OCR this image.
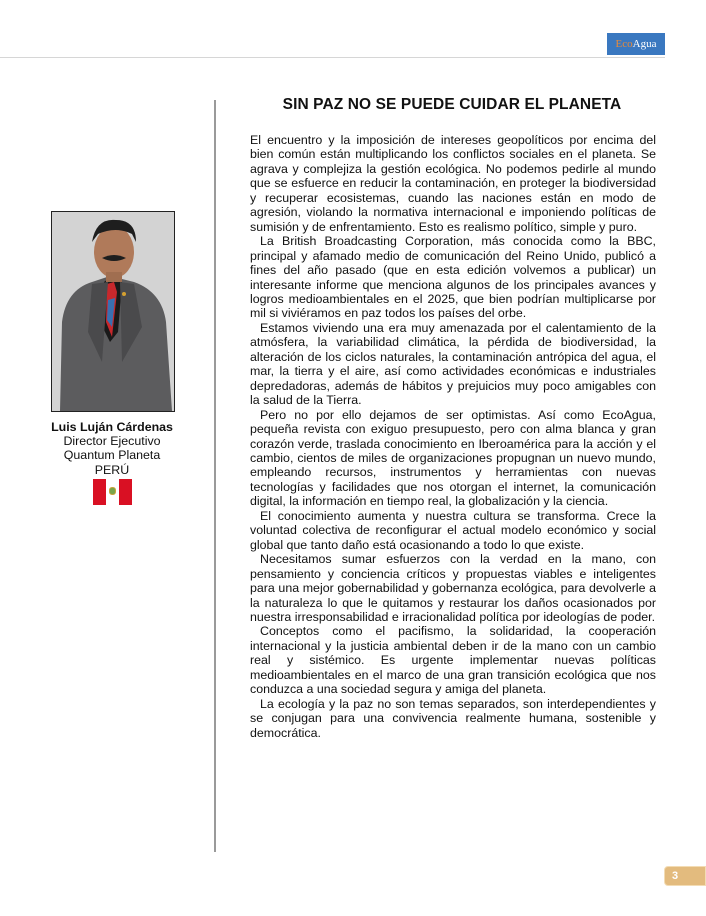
Eco Agua
Luis Luján Cárdenas
Director Ejecutivo
Quantum Planeta
PERÚ
SIN PAZ NO SE PUEDE CUIDAR EL PLANETA

El encuentro y la imposición de intereses geopolíticos por encima del bien común están multiplicando los conflictos sociales en el planeta. Se agrava y complejiza la gestión ecológica. No podemos pedirle al mundo que se esfuerce en reducir la contaminación, en proteger la biodiversidad y recuperar ecosistemas, cuando las naciones están en modo de agresión, violando la normativa internacional e imponiendo políticas de sumisión y de enfrentamiento. Esto es realismo político, simple y puro.

La British Broadcasting Corporation, más conocida como la BBC, principal y afamado medio de comunicación del Reino Unido, publicó a fines del año pasado (que en esta edición volvemos a publicar) un interesante informe que menciona algunos de los principales avances y logros medioambientales en el 2025, que bien podrían multiplicarse por mil si viviéramos en paz todos los países del orbe.

Estamos viviendo una era muy amenazada por el calentamiento de la atmósfera, la variabilidad climática, la pérdida de biodiversidad, la alteración de los ciclos naturales, la contaminación antrópica del agua, el mar, la tierra y el aire, así como actividades económicas e industriales depredadoras, además de hábitos y prejuicios muy poco amigables con la salud de la Tierra.

Pero no por ello dejamos de ser optimistas. Así como EcoAgua, pequeña revista con exiguo presupuesto, pero con alma blanca y gran corazón verde, traslada conocimiento en Iberoamérica para la acción y el cambio, cientos de miles de organizaciones propugnan un nuevo mundo, empleando recursos, instrumentos y herramientas con nuevas tecnologías y facilidades que nos otorgan el internet, la comunicación digital, la información en tiempo real, la globalización y la ciencia.

El conocimiento aumenta y nuestra cultura se transforma. Crece la voluntad colectiva de reconfigurar el actual modelo económico y social global que tanto daño está ocasionando a todo lo que existe.

Necesitamos sumar esfuerzos con la verdad en la mano, con pensamiento y conciencia críticos y propuestas viables e inteligentes para una mejor gobernabilidad y gobernanza ecológica, para devolverle a la naturaleza lo que le quitamos y restaurar los daños ocasionados por nuestra irresponsabilidad e irracionalidad política por ideologías de poder.

Conceptos como el pacifismo, la solidaridad, la cooperación internacional y la justicia ambiental deben ir de la mano con un cambio real y sistémico. Es urgente implementar nuevas políticas medioambientales en el marco de una gran transición ecológica que nos conduzca a una sociedad segura y amiga del planeta.

La ecología y la paz no son temas separados, son interdependientes y se conjugan para una convivencia realmente humana, sostenible y democrática.

3
